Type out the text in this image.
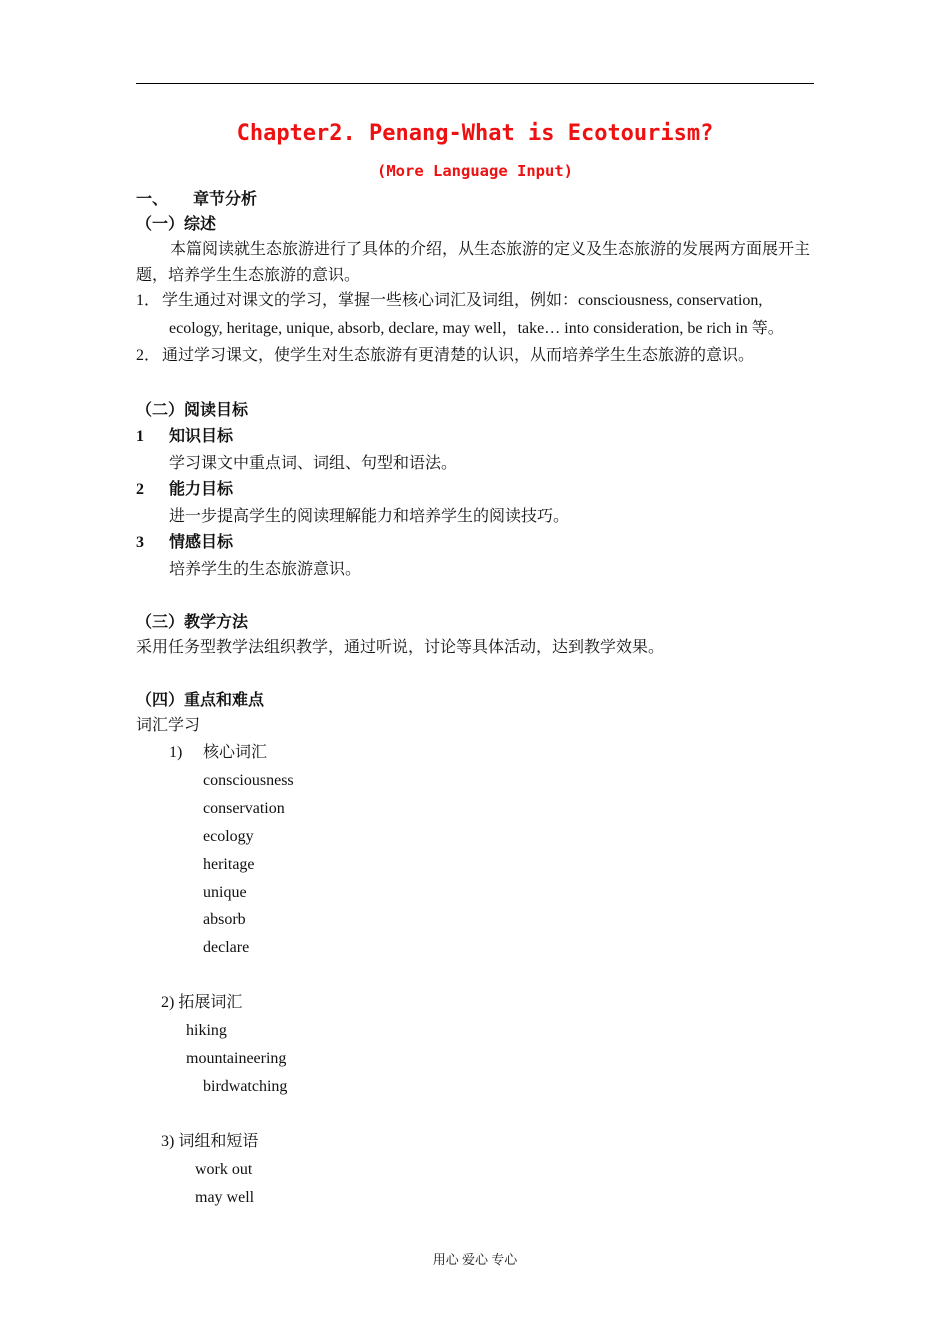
Chapter2. Penang-What is Ecotourism?
(More Language Input)
一、 章节分析
（一）综述
本篇阅读就生态旅游进行了具体的介绍，从生态旅游的定义及生态旅游的发展两方面展开主题，培养学生生态旅游的意识。
1． 学生通过对课文的学习，掌握一些核心词汇及词组，例如：consciousness, conservation,
ecology, heritage, unique, absorb, declare, may well，take… into consideration, be rich in 等。
2． 通过学习课文，使学生对生态旅游有更清楚的认识，从而培养学生生态旅游的意识。
（二）阅读目标
1 知识目标
学习课文中重点词、词组、句型和语法。
2 能力目标
进一步提高学生的阅读理解能力和培养学生的阅读技巧。
3 情感目标
培养学生的生态旅游意识。
（三）教学方法
采用任务型教学法组织教学，通过听说，讨论等具体活动，达到教学效果。
（四）重点和难点
词汇学习
1) 核心词汇
consciousness
conservation
ecology
heritage
unique
absorb
declare
2) 拓展词汇
hiking
mountaineering
birdwatching
3) 词组和短语
work out
may well
用心 爱心 专心
